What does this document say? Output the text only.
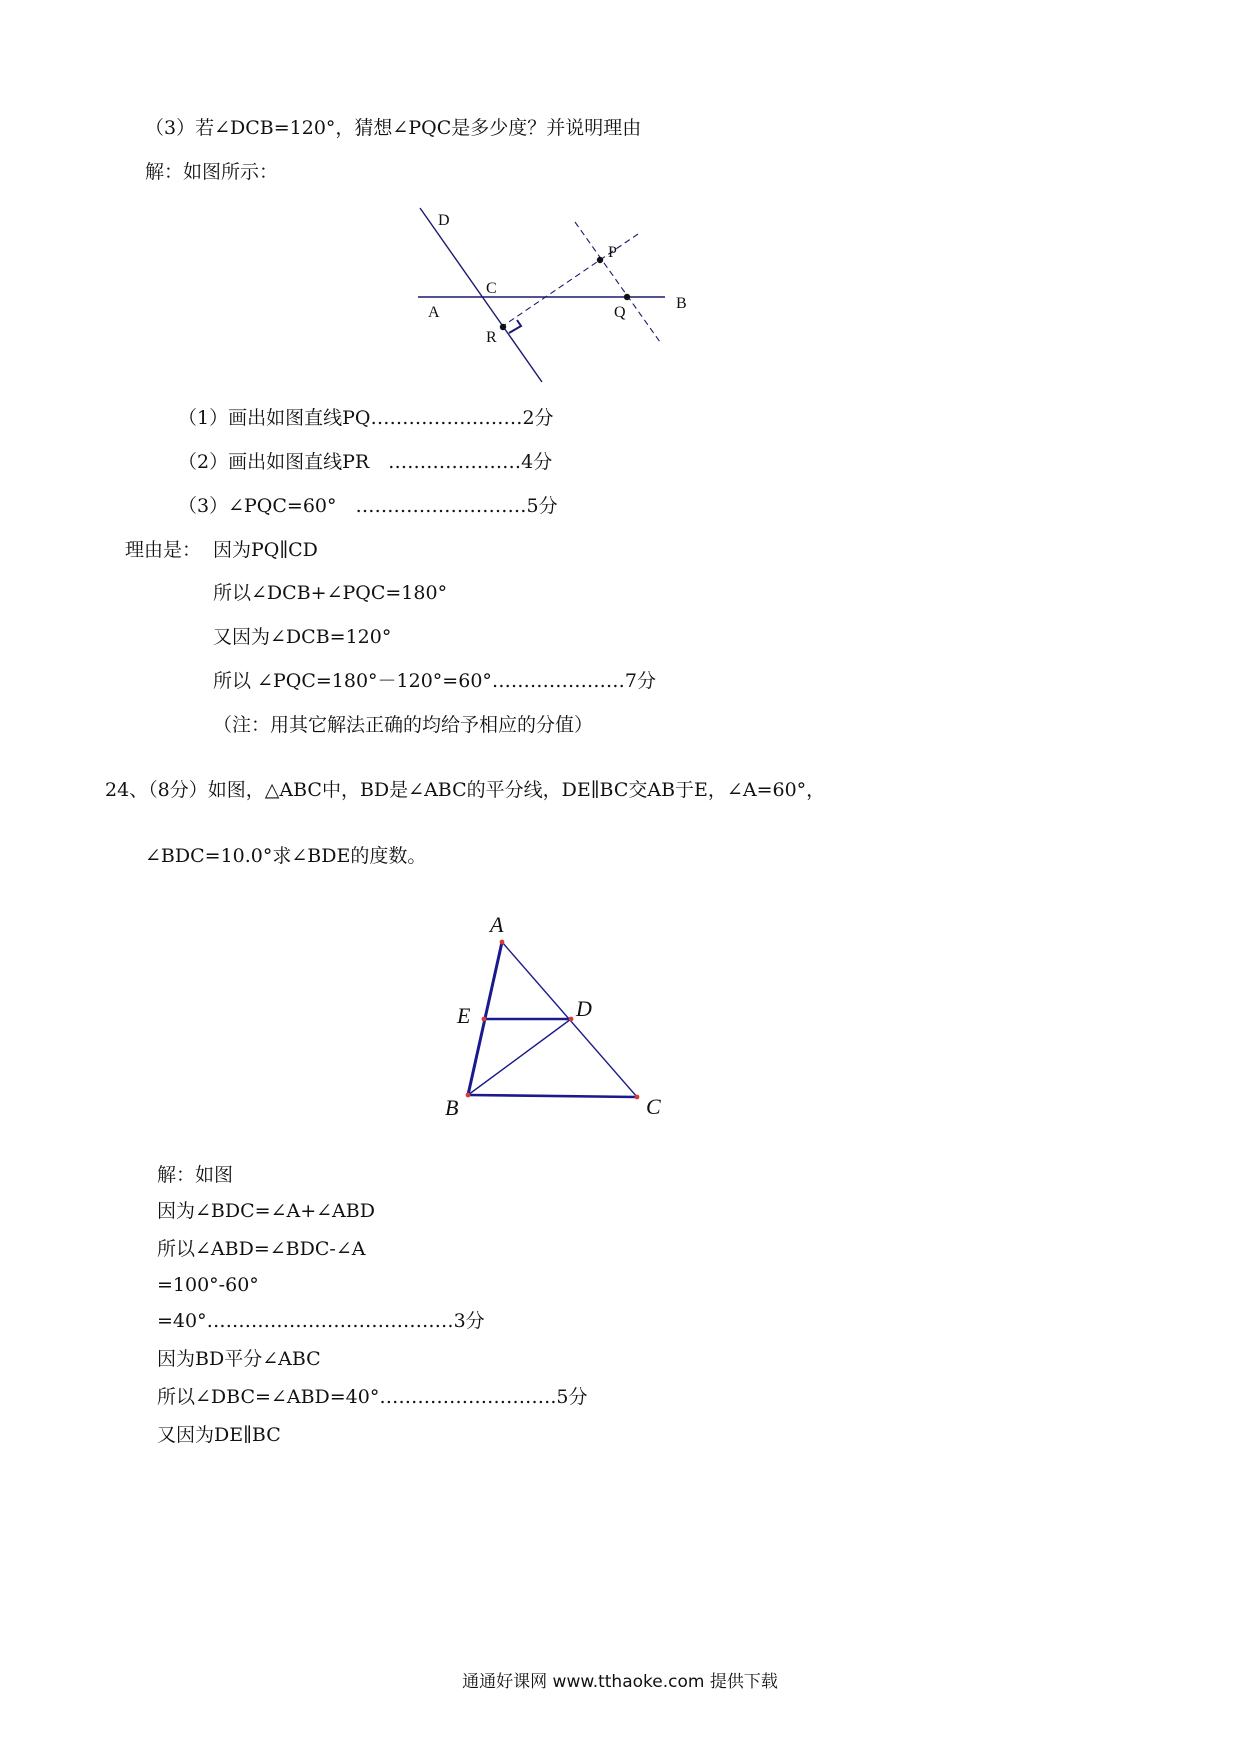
（3）若∠DCB=120°，猜想∠PQC是多少度？并说明理由
解：如图所示：
D
P
C
B
A	Q
R
（1）画出如图直线PQ……………………2分
（2）画出如图直线PR　…………………4分
（3）∠PQC=60°　………………………5分
理由是： 因为PQ∥CD
所以∠DCB+∠PQC=180°
又因为∠DCB=120°
所以 ∠PQC=180°－120°=60°…………………7分
（注：用其它解法正确的均给予相应的分值）
24、（8分）如图，△ABC中，BD是∠ABC的平分线，DE∥BC交AB于E，∠A=60°，
∠BDC=10.0°求∠BDE的度数。
A
E	D
B	C
解：如图
因为∠BDC=∠A+∠ABD
所以∠ABD=∠BDC-∠A
=100°-60°
=40°…………………………………3分
因为BD平分∠ABC
所以∠DBC=∠ABD=40°……………………….5分
又因为DE∥BC
通通好课网 www.tthaoke.com 提供下载
